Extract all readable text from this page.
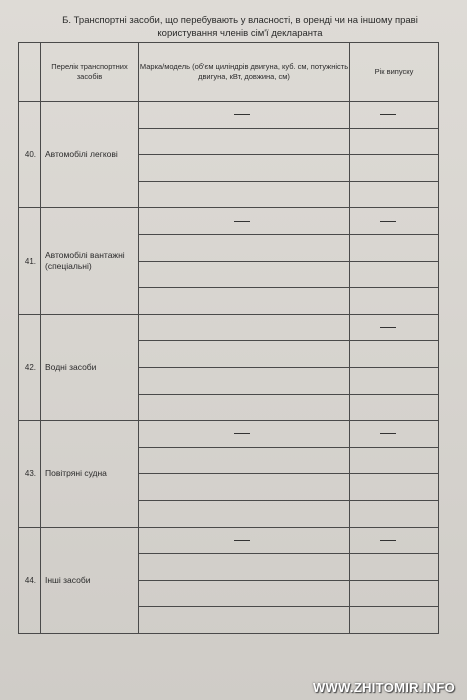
Б. Транспортні засоби, що перебувають у власності, в оренді чи на іншому праві користування членів сім'ї декларанта
	Перелік транспортних засобів	Марка/модель (об'єм циліндрів двигуна, куб. см, потужність двигуна, кВт, довжина, см)	Рік випуску
40.	Автомобілі легкові	

41.	Автомобілі вантажні (спеціальні)	

42.	Водні засоби		

43.	Повітряні судна	

44.	Інші засоби	

WWW.ZHITOMIR.INFO
